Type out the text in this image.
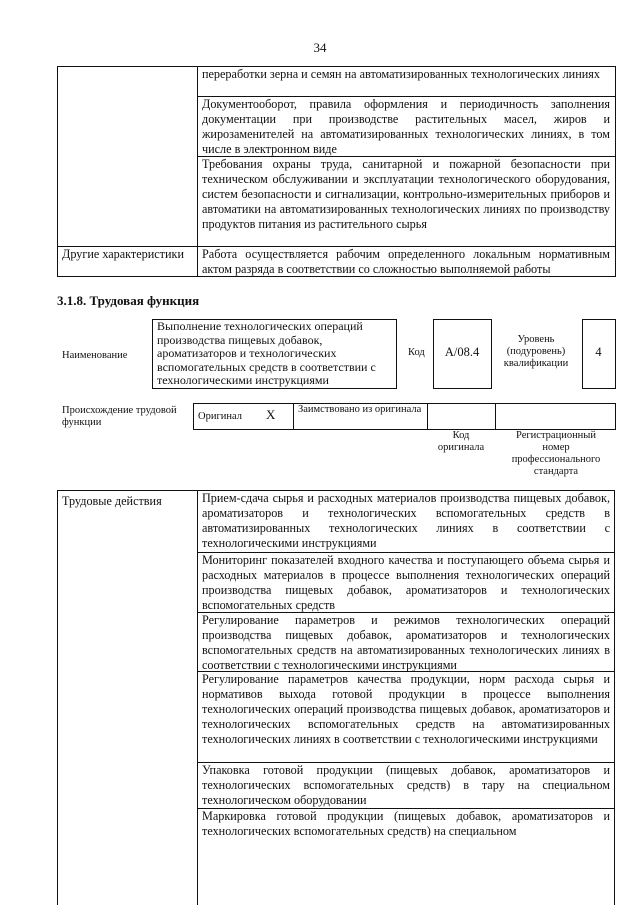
34
переработки зерна и семян на автоматизированных технологических линиях
Документооборот, правила оформления и периодичность заполнения документации при производстве растительных масел, жиров и жирозаменителей на автоматизированных технологических линиях, в том числе в электронном виде
Требования охраны труда, санитарной и пожарной безопасности при техническом обслуживании и эксплуатации технологического оборудования, систем безопасности и сигнализации, контрольно-измерительных приборов и автоматики на автоматизированных технологических линиях по производству продуктов питания из растительного сырья
Другие характеристики	Работа осуществляется рабочим определенного локальным нормативным актом разряда в соответствии со сложностью выполняемой работы
3.1.8. Трудовая функция
Наименование
Выполнение технологических операций производства пищевых добавок, ароматизаторов и технологических вспомогательных средств в соответствии с технологическими инструкциями
Код	A/08.4
Уровень (подуровень) квалификации
4
Происхождение трудовой функции
Оригинал X Заимствовано из оригинала
Код оригинала
Регистрационный номер профессионального стандарта
Трудовые действия	Прием-сдача сырья и расходных материалов производства пищевых добавок, ароматизаторов и технологических вспомогательных средств в автоматизированных технологических линиях в соответствии с технологическими инструкциями
Мониторинг показателей входного качества и поступающего объема сырья и расходных материалов в процессе выполнения технологических операций производства пищевых добавок, ароматизаторов и технологических вспомогательных средств
Регулирование параметров и режимов технологических операций производства пищевых добавок, ароматизаторов и технологических вспомогательных средств на автоматизированных технологических линиях в соответствии с технологическими инструкциями
Регулирование параметров качества продукции, норм расхода сырья и нормативов выхода готовой продукции в процессе выполнения технологических операций производства пищевых добавок, ароматизаторов и технологических вспомогательных средств на автоматизированных технологических линиях в соответствии с технологическими инструкциями
Упаковка готовой продукции (пищевых добавок, ароматизаторов и технологических вспомогательных средств) в тару на специальном технологическом оборудовании
Маркировка готовой продукции (пищевых добавок, ароматизаторов и технологических вспомогательных средств) на специальном
